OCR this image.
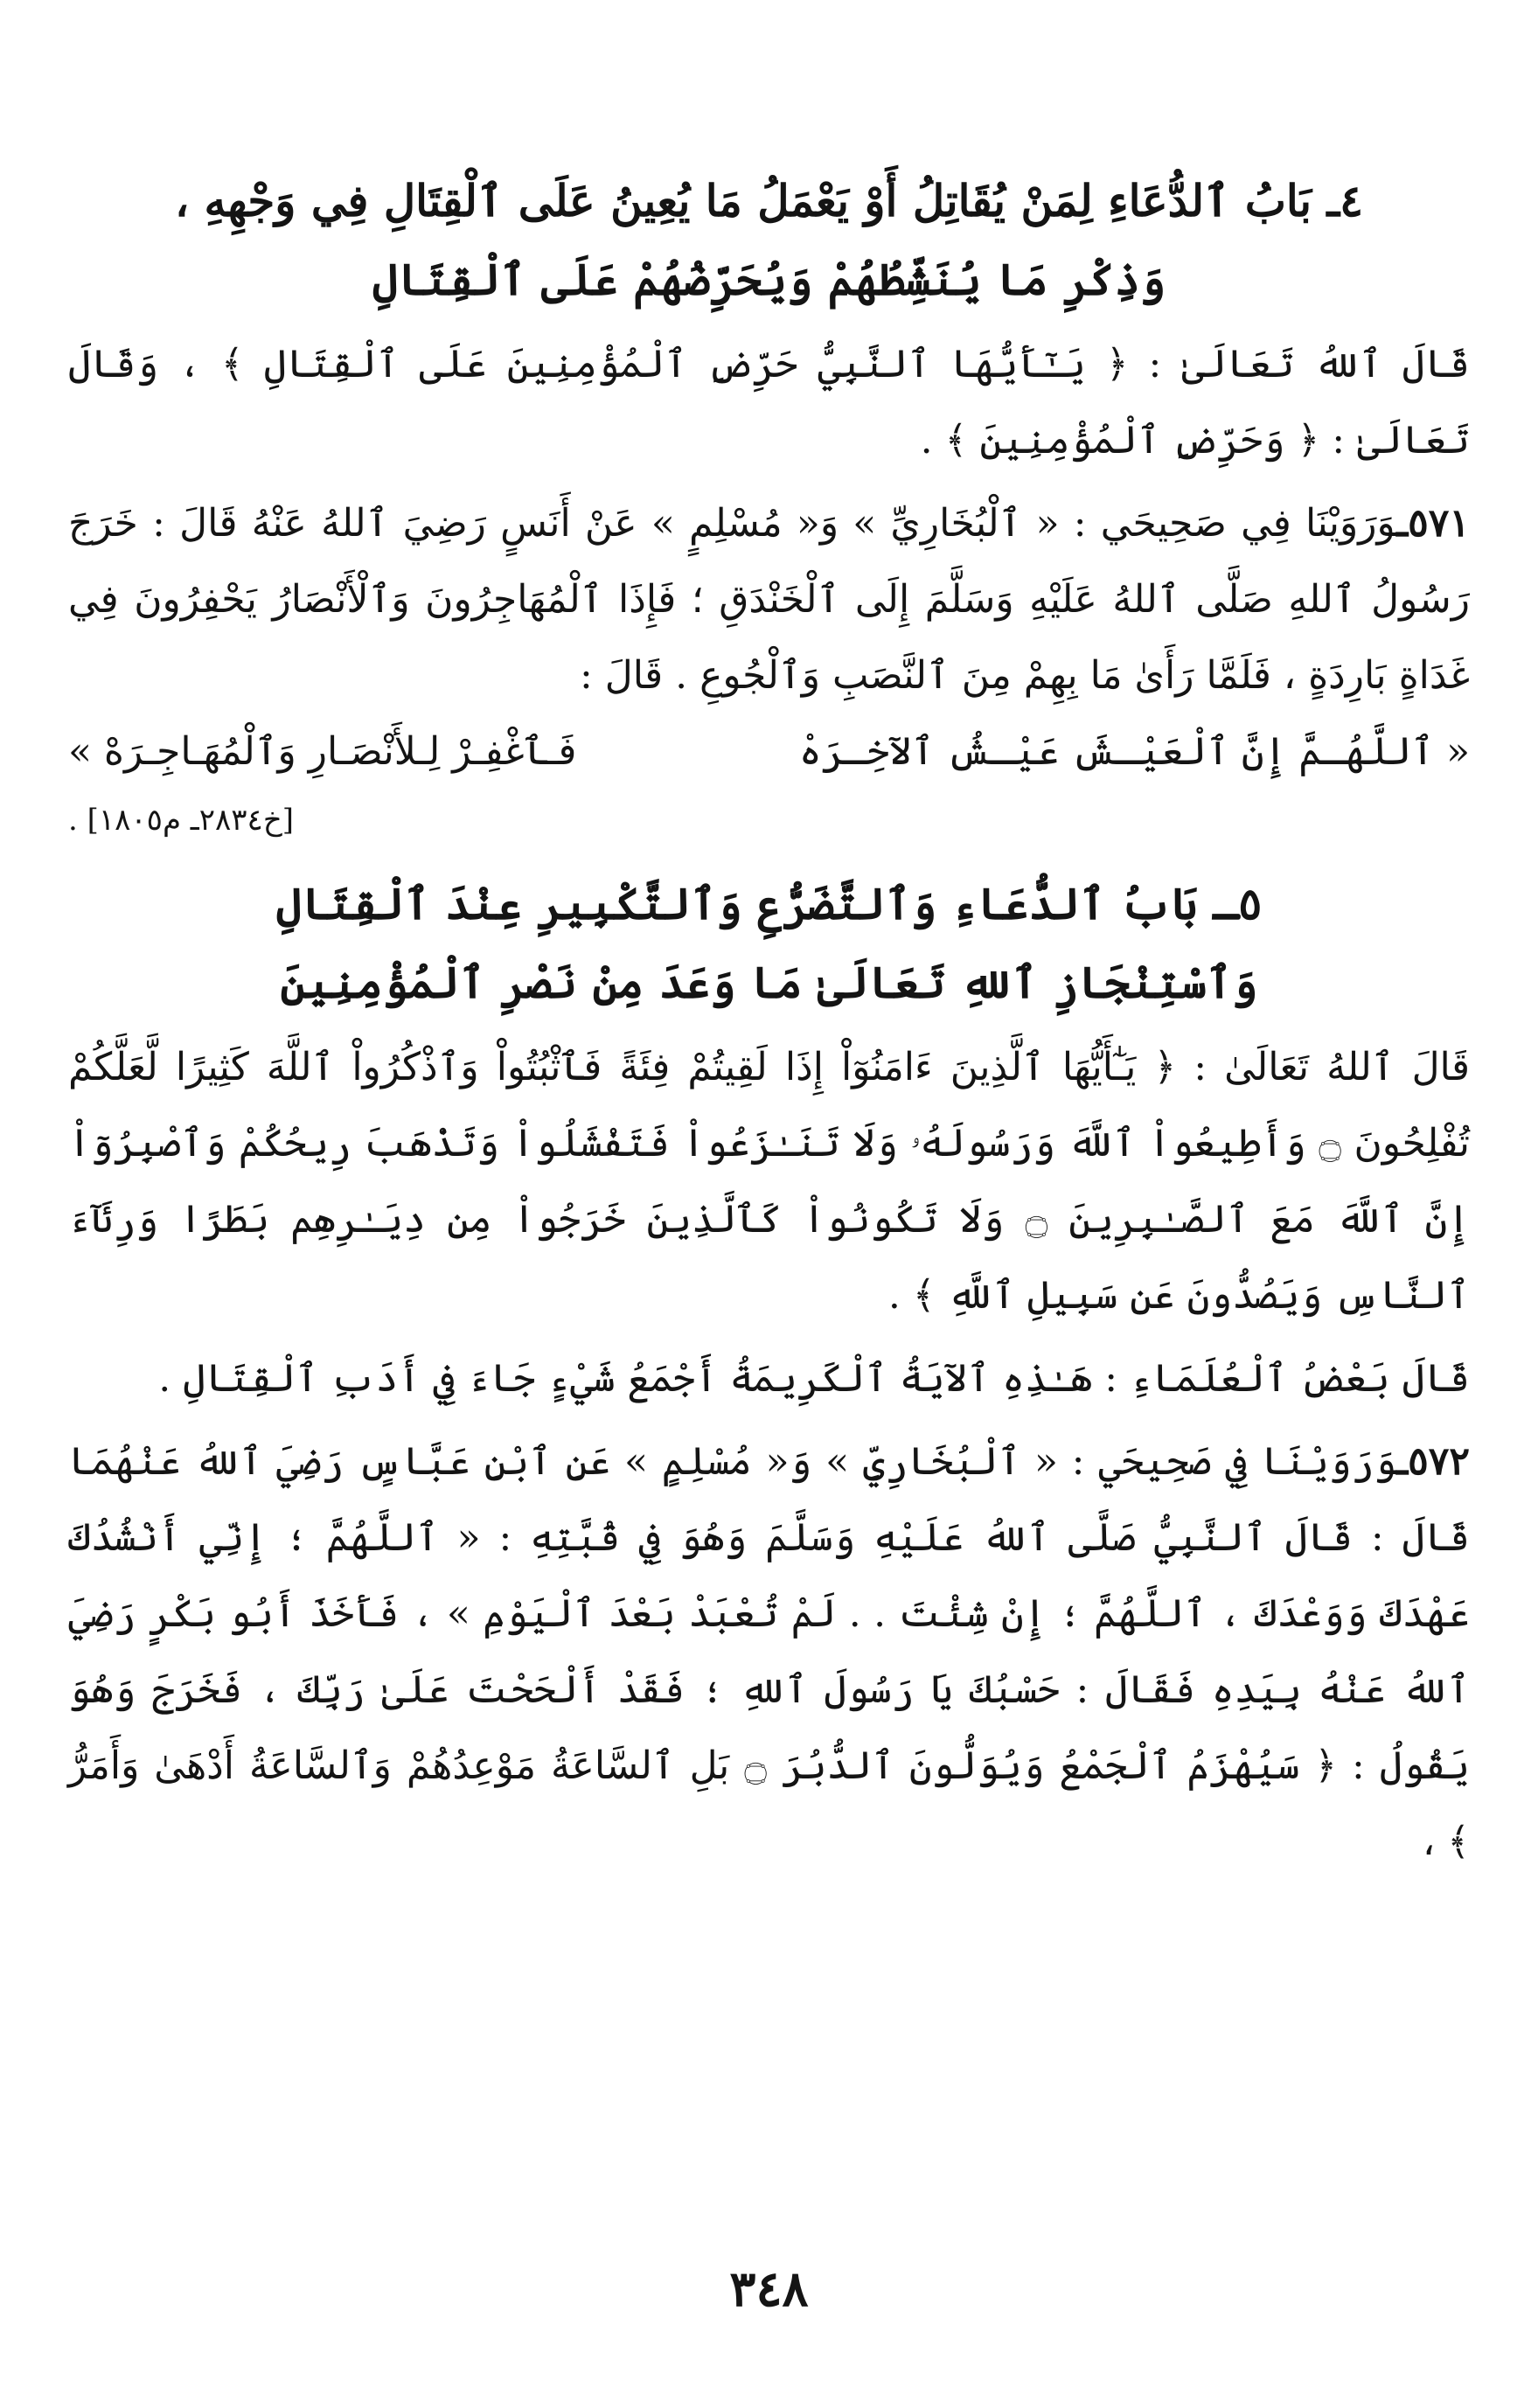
٤ـ بَابُ ٱلدُّعَاءِ لِمَنْ يُقَاتِلُ أَوْ يَعْمَلُ مَا يُعِينُ عَلَى ٱلْقِتَالِ فِي وَجْهِهِ ،
وَذِكْرِ مَا يُنَشِّطُهُمْ وَيُحَرِّضُهُمْ عَلَى ٱلْقِتَالِ

قَالَ ٱللهُ تَعَالَىٰ : ﴿ يَـٰٓأَيُّهَا ٱلنَّبِيُّ حَرِّضِ ٱلْمُؤْمِنِينَ عَلَى ٱلْقِتَالِ ﴾ ، وَقَالَ تَعَالَىٰ : ﴿ وَحَرِّضِ ٱلْمُؤْمِنِينَ ﴾ .

٥٧١ـوَرَوَيْنَا فِي صَحِيحَي : « ٱلْبُخَارِيِّ » وَ« مُسْلِمٍ » عَنْ أَنَسٍ رَضِيَ ٱللهُ عَنْهُ قَالَ : خَرَجَ رَسُولُ ٱللهِ صَلَّى ٱللهُ عَلَيْهِ وَسَلَّمَ إِلَى ٱلْخَنْدَقِ ؛ فَإِذَا ٱلْمُهَاجِرُونَ وَٱلْأَنْصَارُ يَحْفِرُونَ فِي غَدَاةٍ بَارِدَةٍ ، فَلَمَّا رَأَىٰ مَا بِهِمْ مِنَ ٱلنَّصَبِ وَٱلْجُوعِ . قَالَ :

« ٱللَّهُـمَّ إِنَّ ٱلْعَيْـشَ عَيْـشُ ٱلآخِـرَهْ
فَـٱغْفِـرْ لِـلأَنْصَـارِ وَٱلْمُهَـاجِـرَهْ »
[خ٢٨٣٤ـ م١٨٠٥] .
٥ـ بَابُ ٱلدُّعَاءِ وَٱلتَّضَرُّعِ وَٱلتَّكْبِيرِ عِنْدَ ٱلْقِتَالِ
وَٱسْتِنْجَازِ ٱللهِ تَعَالَىٰ مَا وَعَدَ مِنْ نَصْرِ ٱلْمُؤْمِنِينَ

قَالَ ٱللهُ تَعَالَىٰ : ﴿ يَـٰٓأَيُّهَا ٱلَّذِينَ ءَامَنُوٓاْ إِذَا لَقِيتُمْ فِئَةً فَٱثْبُتُواْ وَٱذْكُرُواْ ٱللَّهَ كَثِيرًا لَّعَلَّكُمْ تُفْلِحُونَ ۝ وَأَطِيعُواْ ٱللَّهَ وَرَسُولَهُۥ وَلَا تَنَـٰزَعُواْ فَتَفْشَلُواْ وَتَذْهَبَ رِيحُكُمْ وَٱصْبِرُوٓاْ إِنَّ ٱللَّهَ مَعَ ٱلصَّـٰبِرِينَ ۝ وَلَا تَكُونُواْ كَٱلَّذِينَ خَرَجُواْ مِن دِيَـٰرِهِم بَطَرًا وَرِئَآءَ ٱلنَّاسِ وَيَصُدُّونَ عَن سَبِيلِ ٱللَّهِ ﴾ .

قَالَ بَعْضُ ٱلْعُلَمَاءِ : هَـٰذِهِ ٱلآيَةُ ٱلْكَرِيمَةُ أَجْمَعُ شَيْءٍ جَاءَ فِي أَدَبِ ٱلْقِتَالِ .

٥٧٢ـوَرَوَيْنَا فِي صَحِيحَي : « ٱلْبُخَارِيِّ » وَ« مُسْلِمٍ » عَنِ ٱبْنِ عَبَّاسٍ رَضِيَ ٱللهُ عَنْهُمَا قَالَ : قَالَ ٱلنَّبِيُّ صَلَّى ٱللهُ عَلَيْهِ وَسَلَّمَ وَهُوَ فِي قُبَّتِهِ : « ٱللَّهُمَّ ؛ إِنِّي أَنْشُدُكَ عَهْدَكَ وَوَعْدَكَ ، ٱللَّهُمَّ ؛ إِنْ شِئْتَ . . لَمْ تُعْبَدْ بَعْدَ ٱلْيَوْمِ » ، فَأَخَذَ أَبُو بَكْرٍ رَضِيَ ٱللهُ عَنْهُ بِيَدِهِ فَقَالَ : حَسْبُكَ يَا رَسُولَ ٱللهِ ؛ فَقَدْ أَلْحَحْتَ عَلَىٰ رَبِّكَ ، فَخَرَجَ وَهُوَ يَقُولُ : ﴿ سَيُهْزَمُ ٱلْجَمْعُ وَيُوَلُّونَ ٱلدُّبُرَ ۝ بَلِ ٱلسَّاعَةُ مَوْعِدُهُمْ وَٱلسَّاعَةُ أَدْهَىٰ وَأَمَرُّ ﴾ ،

٣٤٨
